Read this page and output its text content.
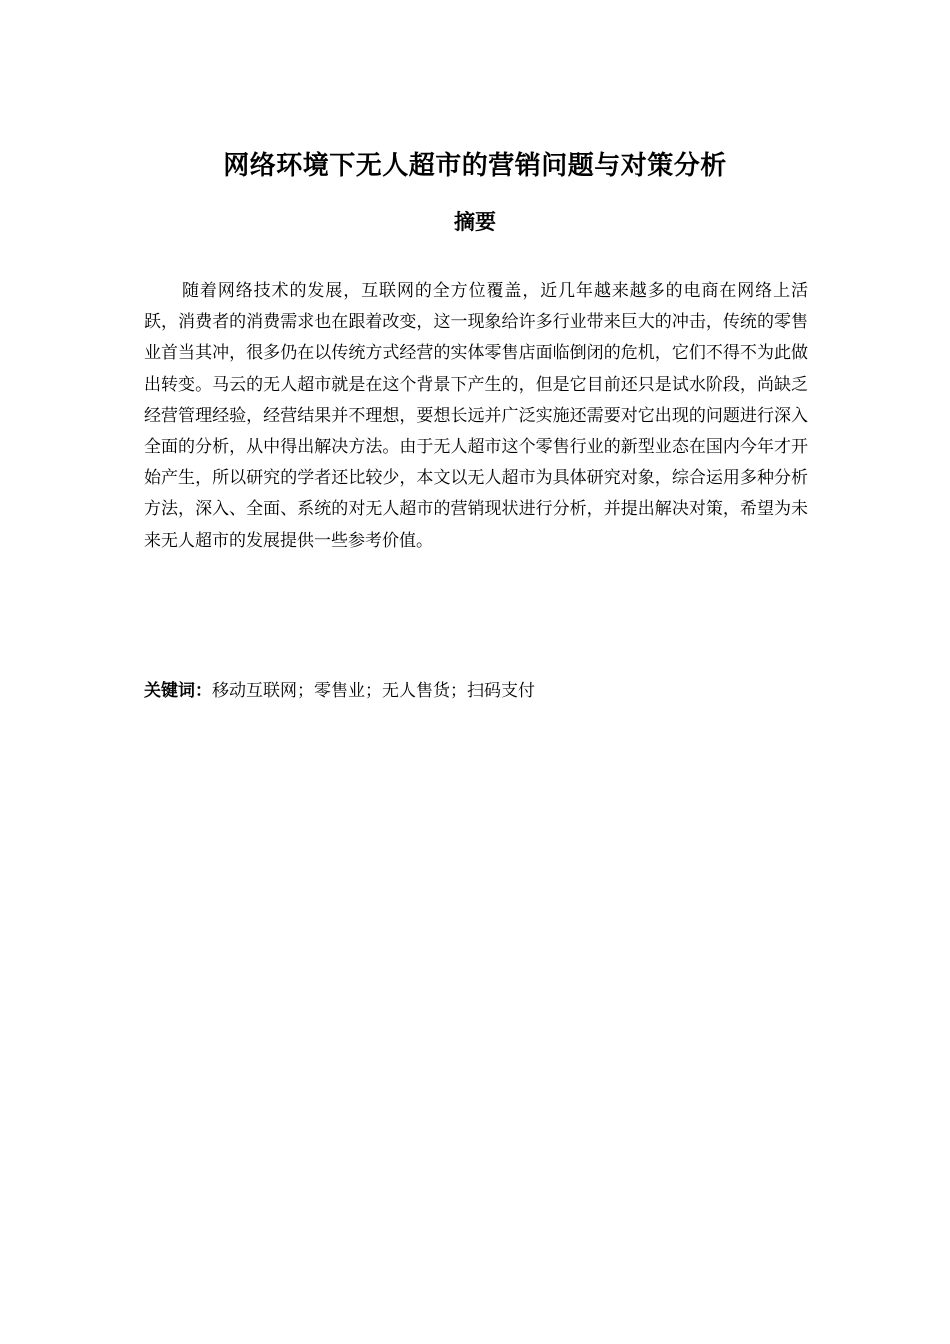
网络环境下无人超市的营销问题与对策分析
摘要

随着网络技术的发展，互联网的全方位覆盖，近几年越来越多的电商在网络上活跃，消费者的消费需求也在跟着改变，这一现象给许多行业带来巨大的冲击，传统的零售业首当其冲，很多仍在以传统方式经营的实体零售店面临倒闭的危机，它们不得不为此做出转变。马云的无人超市就是在这个背景下产生的，但是它目前还只是试水阶段，尚缺乏经营管理经验，经营结果并不理想，要想长远并广泛实施还需要对它出现的问题进行深入全面的分析，从中得出解决方法。由于无人超市这个零售行业的新型业态在国内今年才开始产生，所以研究的学者还比较少，本文以无人超市为具体研究对象，综合运用多种分析方法，深入、全面、系统的对无人超市的营销现状进行分析，并提出解决对策，希望为未来无人超市的发展提供一些参考价值。

关键词：移动互联网；零售业；无人售货；扫码支付
